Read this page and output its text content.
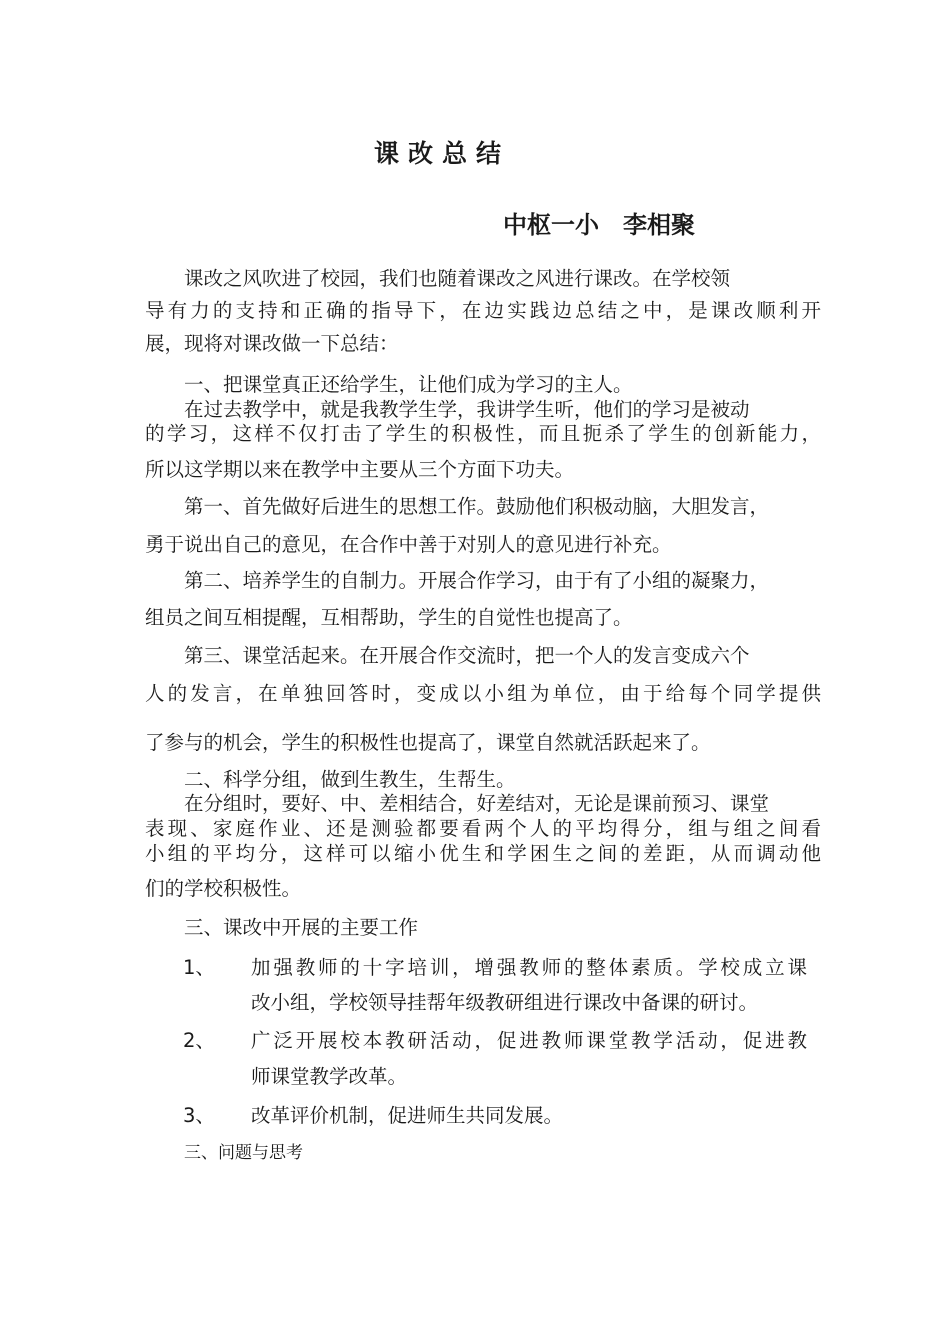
课改总结
中枢一小　李相聚
课改之风吹进了校园，我们也随着课改之风进行课改。在学校领
导有力的支持和正确的指导下，在边实践边总结之中，是课改顺利开
展，现将对课改做一下总结：
一、把课堂真正还给学生，让他们成为学习的主人。
在过去教学中，就是我教学生学，我讲学生听，他们的学习是被动
的学习，这样不仅打击了学生的积极性，而且扼杀了学生的创新能力，
所以这学期以来在教学中主要从三个方面下功夫。
第一、首先做好后进生的思想工作。鼓励他们积极动脑，大胆发言，
勇于说出自己的意见，在合作中善于对别人的意见进行补充。
第二、培养学生的自制力。开展合作学习，由于有了小组的凝聚力，
组员之间互相提醒，互相帮助，学生的自觉性也提高了。
第三、课堂活起来。在开展合作交流时，把一个人的发言变成六个
人的发言，在单独回答时，变成以小组为单位，由于给每个同学提供
了参与的机会，学生的积极性也提高了，课堂自然就活跃起来了。
二、科学分组，做到生教生，生帮生。
在分组时，要好、中、差相结合，好差结对，无论是课前预习、课堂
表现、家庭作业、还是测验都要看两个人的平均得分，组与组之间看
小组的平均分，这样可以缩小优生和学困生之间的差距，从而调动他
们的学校积极性。
三、课改中开展的主要工作
1、 加强教师的十字培训，增强教师的整体素质。学校成立课
改小组，学校领导挂帮年级教研组进行课改中备课的研讨。
2、 广泛开展校本教研活动，促进教师课堂教学活动，促进教
师课堂教学改革。
3、 改革评价机制，促进师生共同发展。
三、问题与思考
